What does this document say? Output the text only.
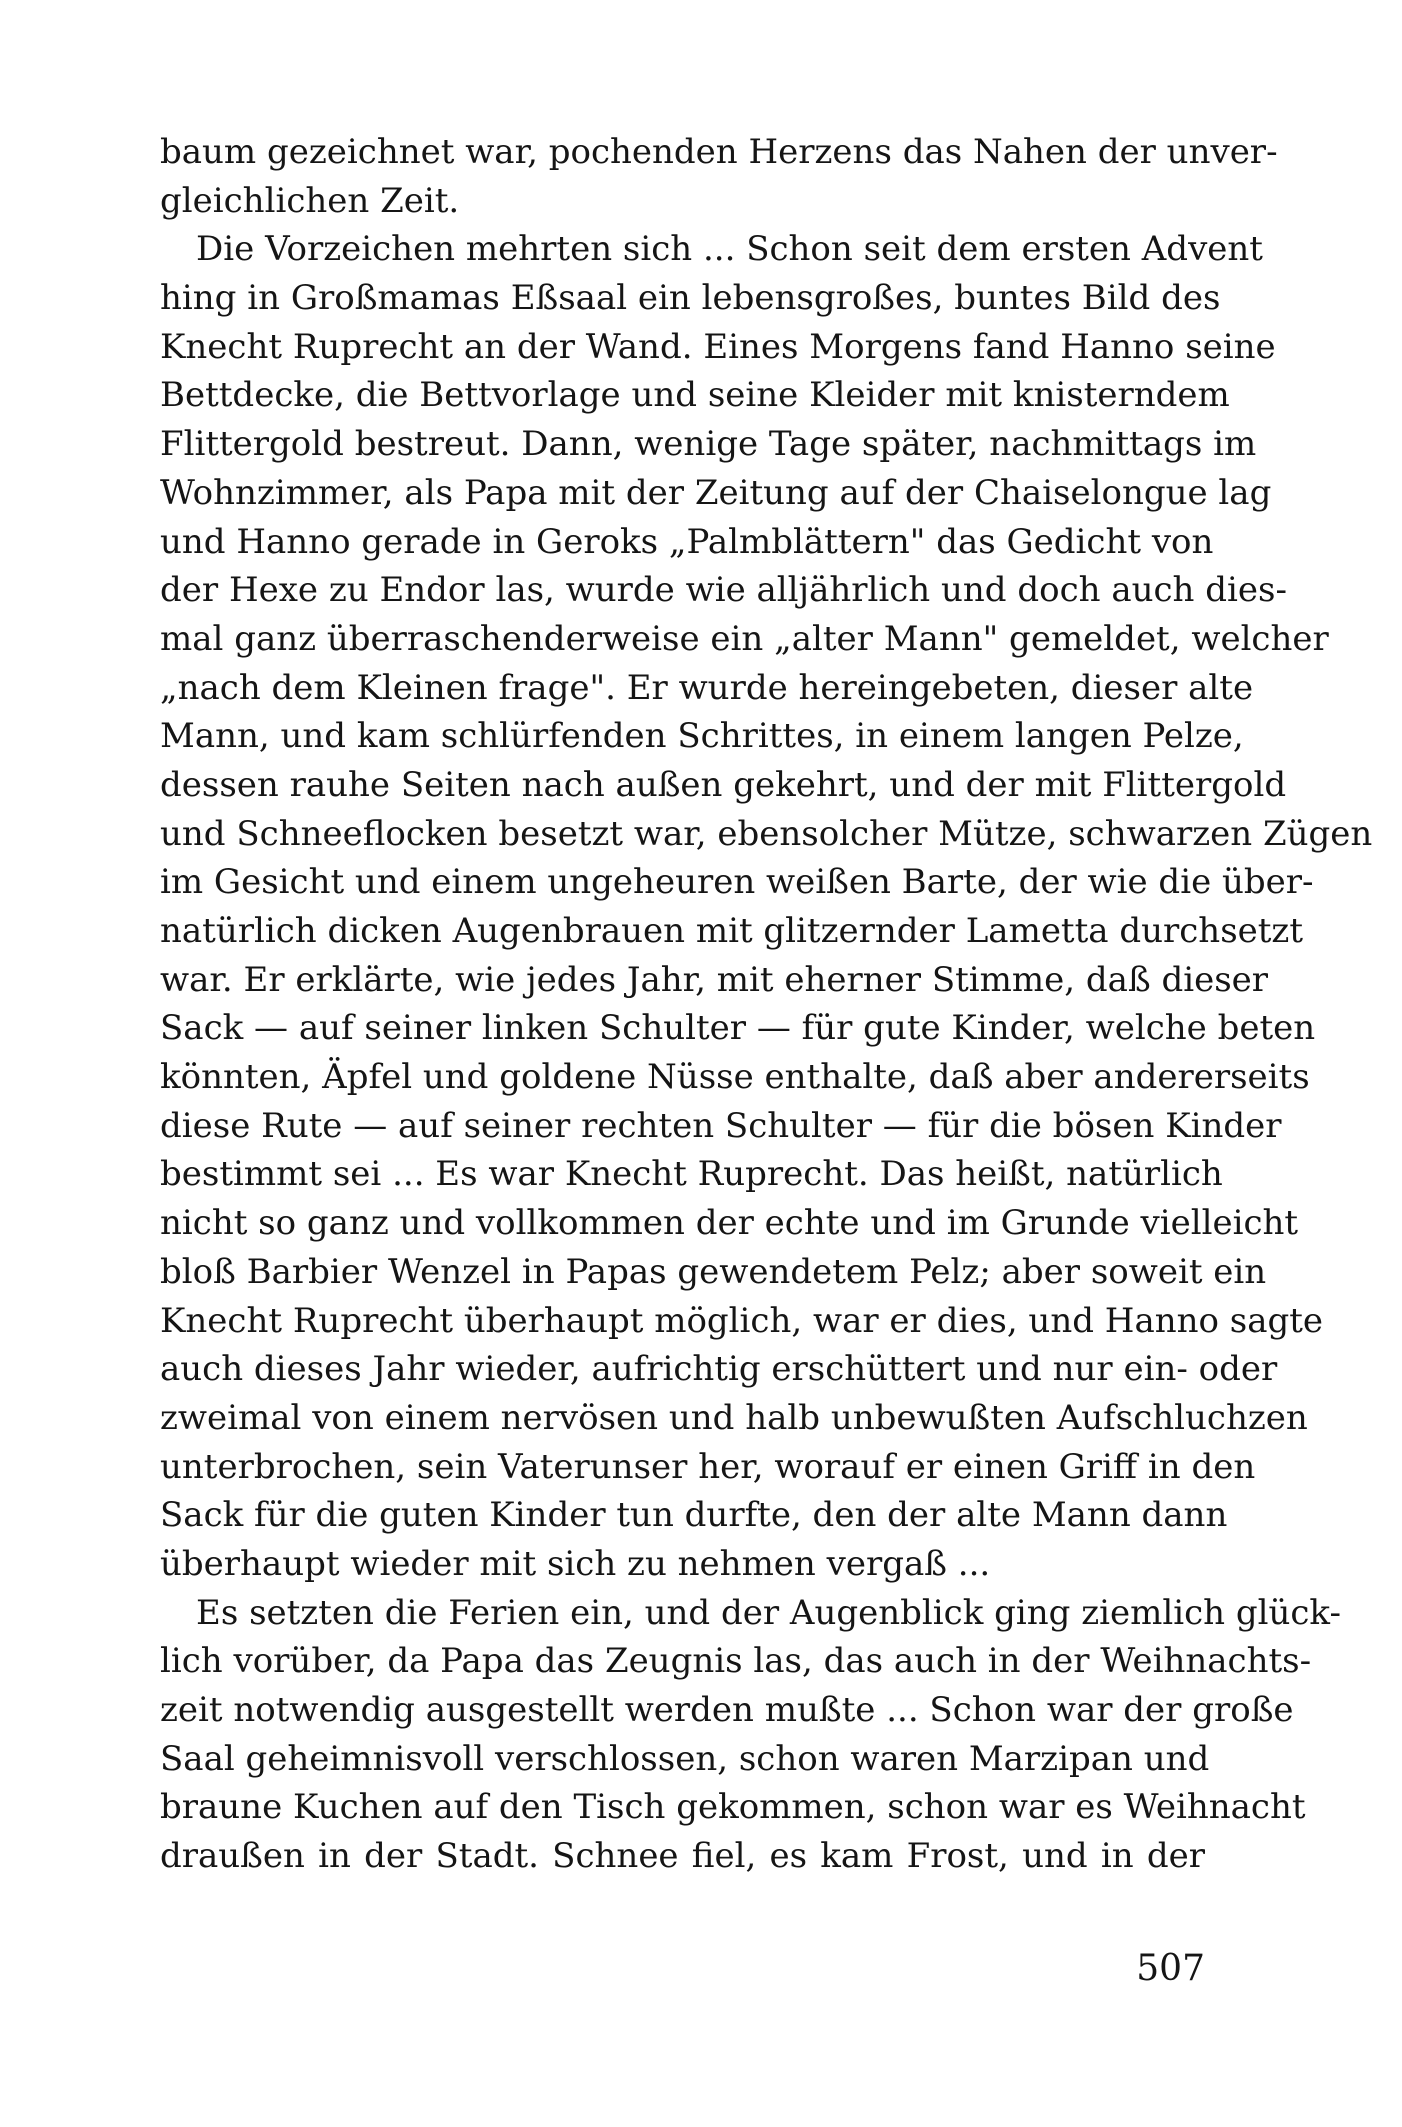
baum gezeichnet war, pochenden Herzens das Nahen der unver-
gleichlichen Zeit.
Die Vorzeichen mehrten sich ... Schon seit dem ersten Advent
hing in Großmamas Eßsaal ein lebensgroßes, buntes Bild des
Knecht Ruprecht an der Wand. Eines Morgens fand Hanno seine
Bettdecke, die Bettvorlage und seine Kleider mit knisterndem
Flittergold bestreut. Dann, wenige Tage später, nachmittags im
Wohnzimmer, als Papa mit der Zeitung auf der Chaiselongue lag
und Hanno gerade in Geroks „Palmblättern" das Gedicht von
der Hexe zu Endor las, wurde wie alljährlich und doch auch dies-
mal ganz überraschenderweise ein „alter Mann" gemeldet, welcher
„nach dem Kleinen frage". Er wurde hereingebeten, dieser alte
Mann, und kam schlürfenden Schrittes, in einem langen Pelze,
dessen rauhe Seiten nach außen gekehrt, und der mit Flittergold
und Schneeflocken besetzt war, ebensolcher Mütze, schwarzen Zügen
im Gesicht und einem ungeheuren weißen Barte, der wie die über-
natürlich dicken Augenbrauen mit glitzernder Lametta durchsetzt
war. Er erklärte, wie jedes Jahr, mit eherner Stimme, daß dieser
Sack — auf seiner linken Schulter — für gute Kinder, welche beten
könnten, Äpfel und goldene Nüsse enthalte, daß aber andererseits
diese Rute — auf seiner rechten Schulter — für die bösen Kinder
bestimmt sei ... Es war Knecht Ruprecht. Das heißt, natürlich
nicht so ganz und vollkommen der echte und im Grunde vielleicht
bloß Barbier Wenzel in Papas gewendetem Pelz; aber soweit ein
Knecht Ruprecht überhaupt möglich, war er dies, und Hanno sagte
auch dieses Jahr wieder, aufrichtig erschüttert und nur ein- oder
zweimal von einem nervösen und halb unbewußten Aufschluchzen
unterbrochen, sein Vaterunser her, worauf er einen Griff in den
Sack für die guten Kinder tun durfte, den der alte Mann dann
überhaupt wieder mit sich zu nehmen vergaß ...
Es setzten die Ferien ein, und der Augenblick ging ziemlich glück-
lich vorüber, da Papa das Zeugnis las, das auch in der Weihnachts-
zeit notwendig ausgestellt werden mußte ... Schon war der große
Saal geheimnisvoll verschlossen, schon waren Marzipan und
braune Kuchen auf den Tisch gekommen, schon war es Weihnacht
draußen in der Stadt. Schnee fiel, es kam Frost, und in der
507
